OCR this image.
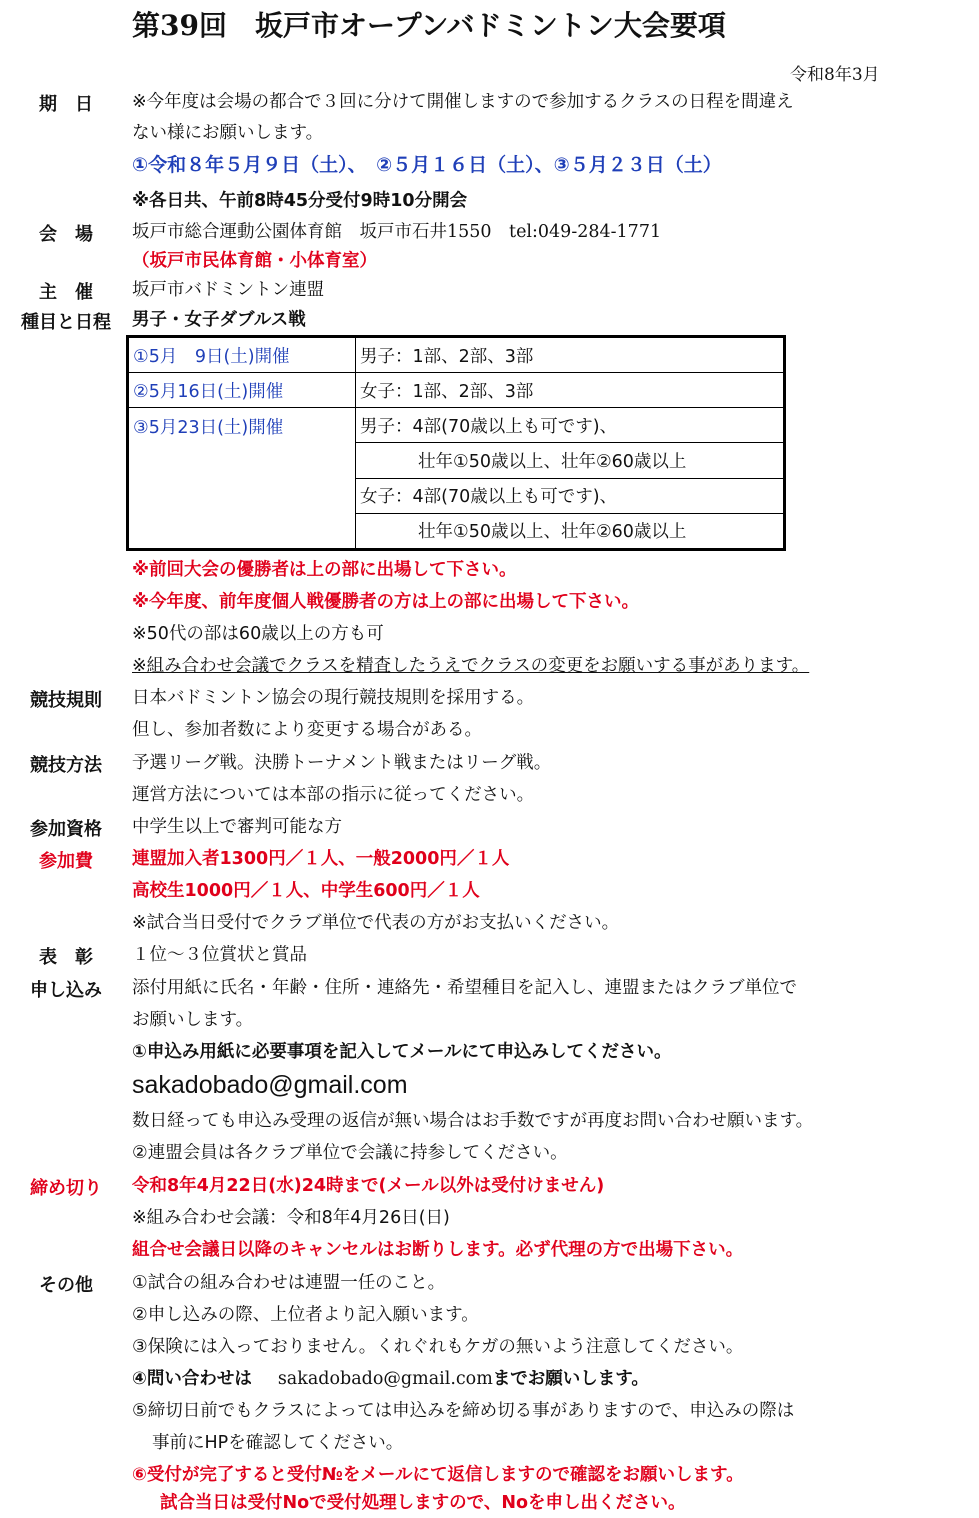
第39回　坂戸市オープンバドミントン大会要項
令和8年3月
期　日	※今年度は会場の都合で３回に分けて開催しますので参加するクラスの日程を間違え
ない様にお願いします。
①令和８年５月９日（土）、　②５月１６日（土）、③５月２３日（土）
※各日共、午前8時45分受付9時10分開会
会　場	坂戸市総合運動公園体育館　坂戸市石井1550　tel:049-284-1771
（坂戸市民体育館・小体育室）
主　催	坂戸市バドミントン連盟
種目と日程	男子・女子ダブルス戦
①5月　9日(土)開催	男子：1部、2部、3部
②5月16日(土)開催	女子：1部、2部、3部
③5月23日(土)開催	男子：4部(70歳以上も可です)、
	壮年①50歳以上、壮年②60歳以上
	女子：4部(70歳以上も可です)、
	壮年①50歳以上、壮年②60歳以上
※前回大会の優勝者は上の部に出場して下さい。
※今年度、前年度個人戦優勝者の方は上の部に出場して下さい。
※50代の部は60歳以上の方も可
※組み合わせ会議でクラスを精査したうえでクラスの変更をお願いする事があります。
競技規則	日本バドミントン協会の現行競技規則を採用する。
但し、参加者数により変更する場合がある。
競技方法	予選リーグ戦。決勝トーナメント戦またはリーグ戦。
運営方法については本部の指示に従ってください。
参加資格	中学生以上で審判可能な方
参加費	連盟加入者1300円／１人、一般2000円／１人
高校生1000円／１人、中学生600円／１人
※試合当日受付でクラブ単位で代表の方がお支払いください。
表　彰	１位～３位賞状と賞品
申し込み	添付用紙に氏名・年齢・住所・連絡先・希望種目を記入し、連盟またはクラブ単位で
お願いします。
①申込み用紙に必要事項を記入してメールにて申込みしてください。
sakadobado@gmail.com
数日経っても申込み受理の返信が無い場合はお手数ですが再度お問い合わせ願います。
②連盟会員は各クラブ単位で会議に持参してください。
締め切り	令和8年4月22日(水)24時まで(メール以外は受付けません)
※組み合わせ会議：令和8年4月26日(日)
組合せ会議日以降のキャンセルはお断りします。必ず代理の方で出場下さい。
その他	①試合の組み合わせは連盟一任のこと。
②申し込みの際、上位者より記入願います。
③保険には入っておりません。くれぐれもケガの無いよう注意してください。
④問い合わせは sakadobado@gmail.comまでお願いします。
⑤締切日前でもクラスによっては申込みを締め切る事がありますので、申込みの際は
事前にHPを確認してください。
⑥受付が完了すると受付№をメールにて返信しますので確認をお願いします。
試合当日は受付Noで受付処理しますので、Noを申し出ください。
